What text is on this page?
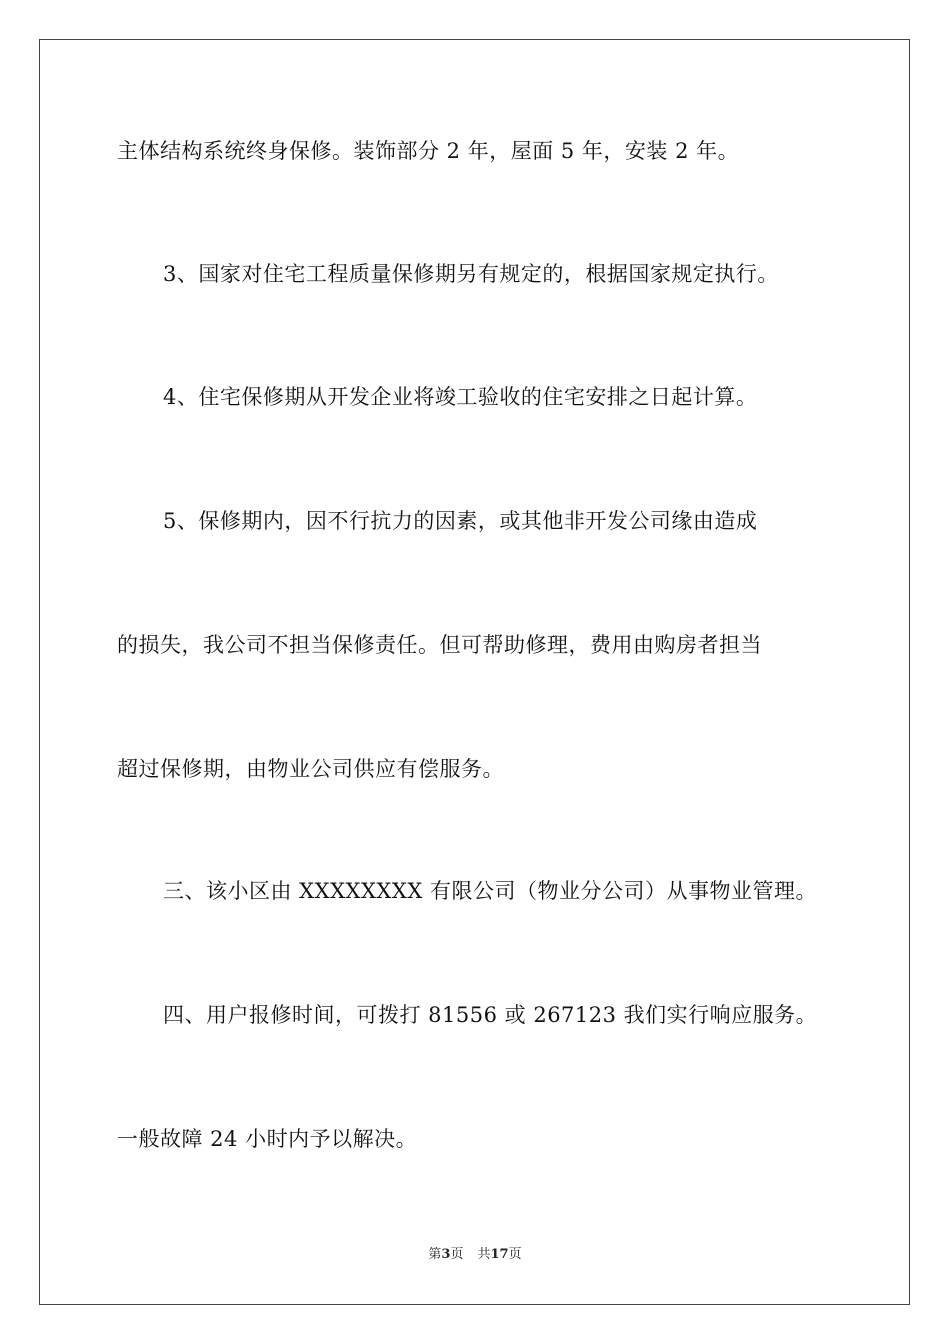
主体结构系统终身保修。装饰部分 2 年，屋面 5 年，安装 2 年。
3、国家对住宅工程质量保修期另有规定的，根据国家规定执行。
4、住宅保修期从开发企业将竣工验收的住宅安排之日起计算。
5、保修期内，因不行抗力的因素，或其他非开发公司缘由造成
的损失，我公司不担当保修责任。但可帮助修理，费用由购房者担当
超过保修期，由物业公司供应有偿服务。
三、该小区由 XXXXXXXX 有限公司（物业分公司）从事物业管理。
四、用户报修时间，可拨打 81556 或 267123 我们实行响应服务。
一般故障 24 小时内予以解决。
第3页 共17页
